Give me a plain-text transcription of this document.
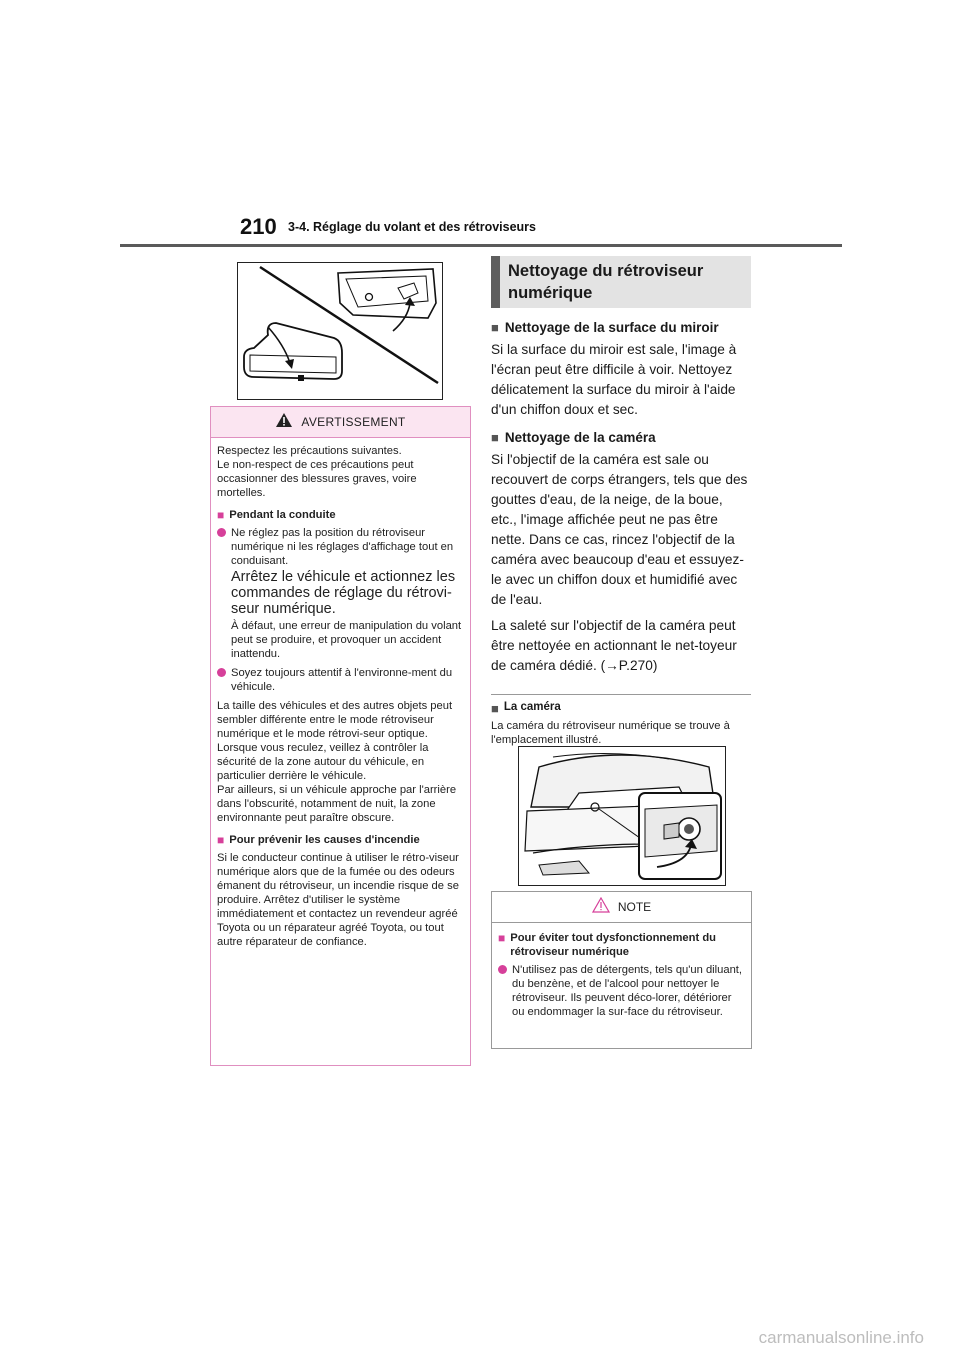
210 3-4. Réglage du volant et des rétroviseurs
AVERTISSEMENT

Respectez les précautions suivantes.
Le non-respect de ces précautions peut occasionner des blessures graves, voire mortelles.

■ Pendant la conduite
Ne réglez pas la position du rétroviseur numérique ni les réglages d'affichage tout en conduisant.
Arrêtez le véhicule et actionnez les commandes de réglage du rétrovi-seur numérique.
À défaut, une erreur de manipulation du volant peut se produire, et provoquer un accident inattendu.
Soyez toujours attentif à l'environne-ment du véhicule.

La taille des véhicules et des autres objets peut sembler différente entre le mode rétroviseur numérique et le mode rétrovi-seur optique.
Lorsque vous reculez, veillez à contrôler la sécurité de la zone autour du véhicule, en particulier derrière le véhicule.
Par ailleurs, si un véhicule approche par l'arrière dans l'obscurité, notamment de nuit, la zone environnante peut paraître obscure.

■ Pour prévenir les causes d'incendie

Si le conducteur continue à utiliser le rétro-viseur numérique alors que de la fumée ou des odeurs émanent du rétroviseur, un incendie risque de se produire. Arrêtez d'utiliser le système immédiatement et contactez un revendeur agréé Toyota ou un réparateur agréé Toyota, ou tout autre réparateur de confiance.

Nettoyage du rétroviseur
numérique
■ Nettoyage de la surface du miroir

Si la surface du miroir est sale, l'image à l'écran peut être difficile à voir. Nettoyez délicatement la surface du miroir à l'aide d'un chiffon doux et sec.

■ Nettoyage de la caméra

Si l'objectif de la caméra est sale ou recouvert de corps étrangers, tels que des gouttes d'eau, de la neige, de la boue, etc., l'image affichée peut ne pas être nette. Dans ce cas, rincez l'objectif de la caméra avec beaucoup d'eau et essuyez-le avec un chiffon doux et humidifié avec de l'eau.

La saleté sur l'objectif de la caméra peut être nettoyée en actionnant le net-toyeur de caméra dédié. (→P.270)

■ La caméra

La caméra du rétroviseur numérique se trouve à l'emplacement illustré.

NOTE
■ Pour éviter tout dysfonctionnement du rétroviseur numérique
N'utilisez pas de détergents, tels qu'un diluant, du benzène, et de l'alcool pour nettoyer le rétroviseur. Ils peuvent déco-lorer, détériorer ou endommager la sur-face du rétroviseur.
carmanualsonline.info
